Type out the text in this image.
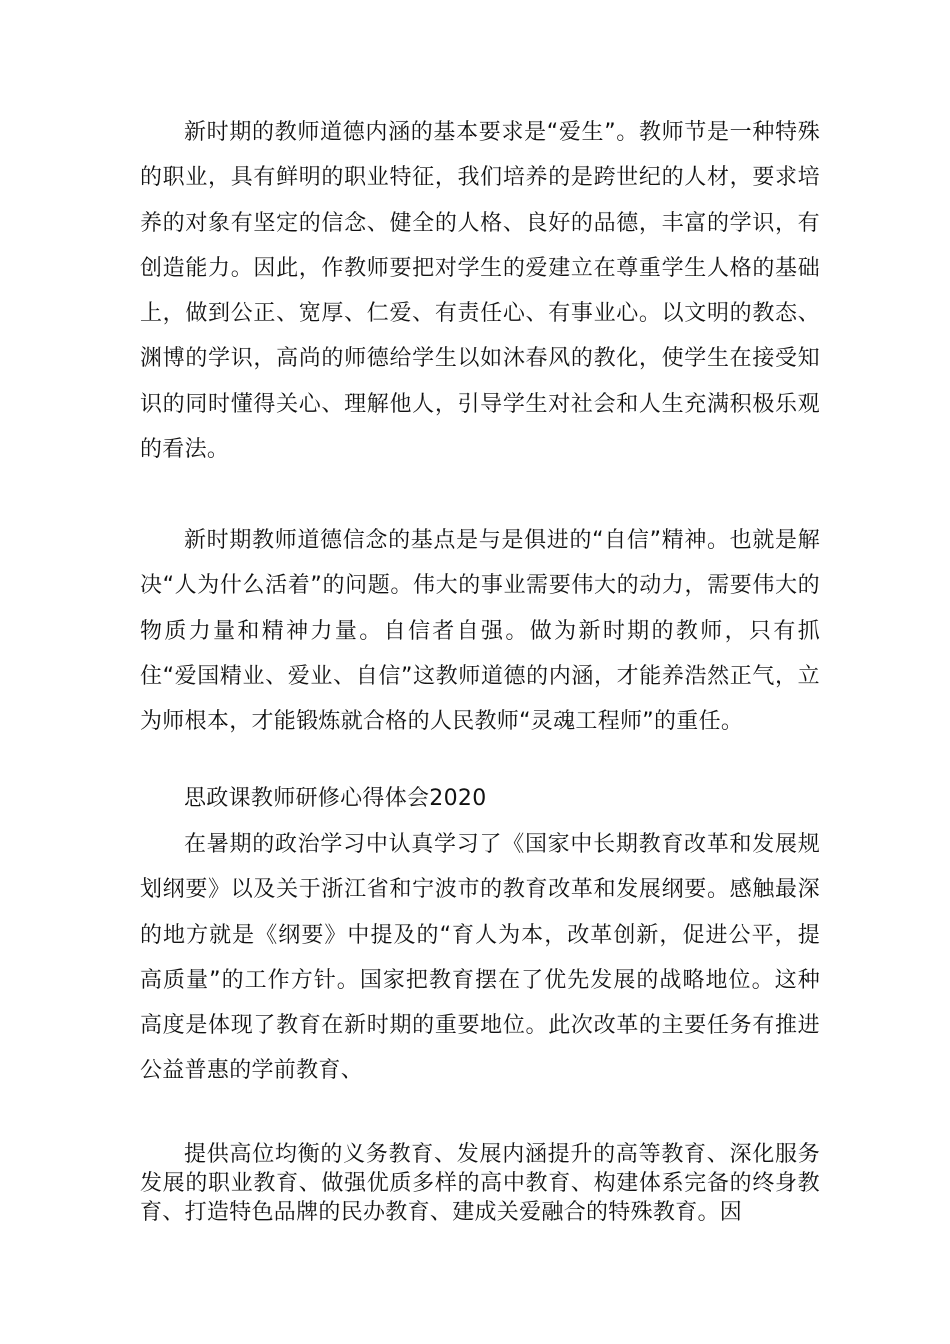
新时期的教师道德内涵的基本要求是“爱生”。教师节是一种特殊的职业，具有鲜明的职业特征，我们培养的是跨世纪的人材，要求培养的对象有坚定的信念、健全的人格、良好的品德，丰富的学识，有创造能力。因此，作教师要把对学生的爱建立在尊重学生人格的基础上，做到公正、宽厚、仁爱、有责任心、有事业心。以文明的教态、渊博的学识，高尚的师德给学生以如沐春风的教化，使学生在接受知识的同时懂得关心、理解他人，引导学生对社会和人生充满积极乐观的看法。

新时期教师道德信念的基点是与是俱进的“自信”精神。也就是解决“人为什么活着”的问题。伟大的事业需要伟大的动力，需要伟大的物质力量和精神力量。自信者自强。做为新时期的教师，只有抓住“爱国精业、爱业、自信”这教师道德的内涵，才能养浩然正气，立为师根本，才能锻炼就合格的人民教师“灵魂工程师”的重任。

思政课教师研修心得体会2020

在暑期的政治学习中认真学习了《国家中长期教育改革和发展规划纲要》以及关于浙江省和宁波市的教育改革和发展纲要。感触最深的地方就是《纲要》中提及的“育人为本，改革创新，促进公平，提高质量”的工作方针。国家把教育摆在了优先发展的战略地位。这种高度是体现了教育在新时期的重要地位。此次改革的主要任务有推进公益普惠的学前教育、

提供高位均衡的义务教育、发展内涵提升的高等教育、深化服务发展的职业教育、做强优质多样的高中教育、构建体系完备的终身教育、打造特色品牌的民办教育、建成关爱融合的特殊教育。因
